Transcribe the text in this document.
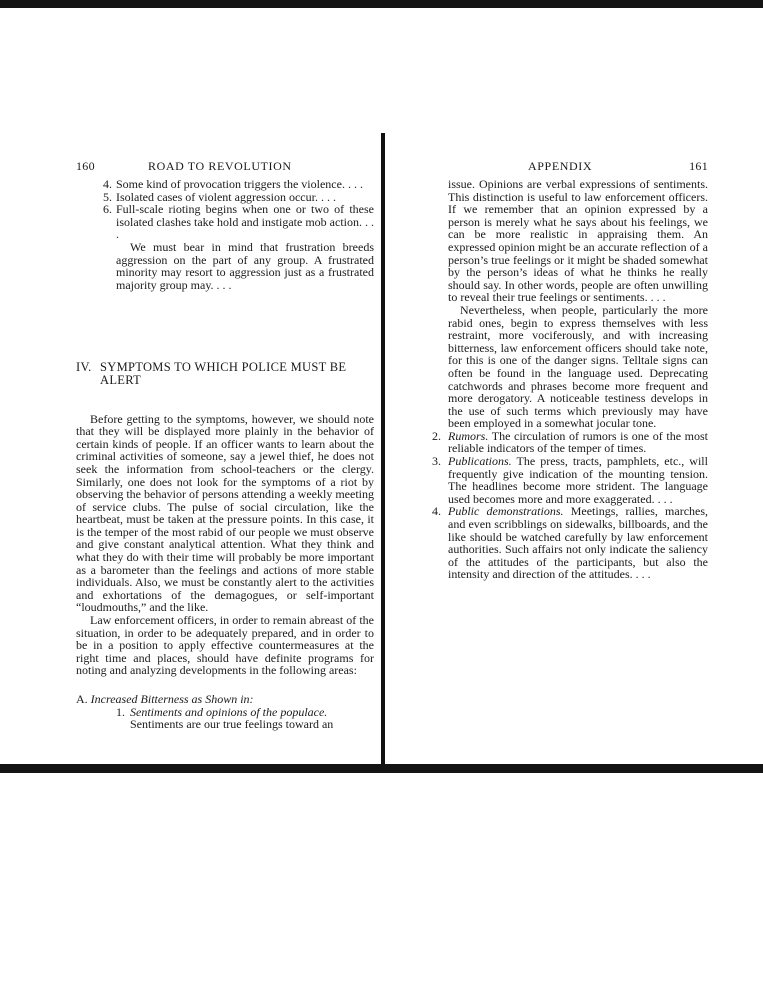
160	ROAD TO REVOLUTION
4. Some kind of provocation triggers the violence. . . .
5. Isolated cases of violent aggression occur. . . .
6. Full-scale rioting begins when one or two of these isolated clashes take hold and instigate mob action. . . .

We must bear in mind that frustration breeds aggression on the part of any group. A frustrated minority may resort to aggression just as a frustrated majority group may. . . .

IV. SYMPTOMS TO WHICH POLICE MUST BE ALERT

Before getting to the symptoms, however, we should note that they will be displayed more plainly in the behavior of certain kinds of people. If an officer wants to learn about the criminal activities of someone, say a jewel thief, he does not seek the information from school-teachers or the clergy. Similarly, one does not look for the symptoms of a riot by observing the behavior of persons attending a weekly meeting of service clubs. The pulse of social circulation, like the heartbeat, must be taken at the pressure points. In this case, it is the temper of the most rabid of our people we must observe and give constant analytical attention. What they think and what they do with their time will probably be more important as a barometer than the feelings and actions of more stable individuals. Also, we must be constantly alert to the activities and exhortations of the demagogues, or self-important “loudmouths,” and the like.

Law enforcement officers, in order to remain abreast of the situation, in order to be adequately prepared, and in order to be in a position to apply effective countermeasures at the right time and places, should have definite programs for noting and analyzing developments in the following areas:

A. Increased Bitterness as Shown in:
1. Sentiments and opinions of the populace.

Sentiments are our true feelings toward an

APPENDIX	161

issue. Opinions are verbal expressions of sentiments. This distinction is useful to law enforcement officers. If we remember that an opinion expressed by a person is merely what he says about his feelings, we can be more realistic in appraising them. An expressed opinion might be an accurate reflection of a person’s true feelings or it might be shaded somewhat by the person’s ideas of what he thinks he really should say. In other words, people are often unwilling to reveal their true feelings or sentiments. . . .

Nevertheless, when people, particularly the more rabid ones, begin to express themselves with less restraint, more vociferously, and with increasing bitterness, law enforcement officers should take note, for this is one of the danger signs. Telltale signs can often be found in the language used. Deprecating catchwords and phrases become more frequent and more derogatory. A noticeable testiness develops in the use of such terms which previously may have been employed in a somewhat jocular tone.

2. Rumors. The circulation of rumors is one of the most reliable indicators of the temper of times.
3. Publications. The press, tracts, pamphlets, etc., will frequently give indication of the mounting tension. The headlines become more strident. The language used becomes more and more exaggerated. . . .
4. Public demonstrations. Meetings, rallies, marches, and even scribblings on sidewalks, billboards, and the like should be watched carefully by law enforcement authorities. Such affairs not only indicate the saliency of the attitudes of the participants, but also the intensity and direction of the attitudes. . . .
